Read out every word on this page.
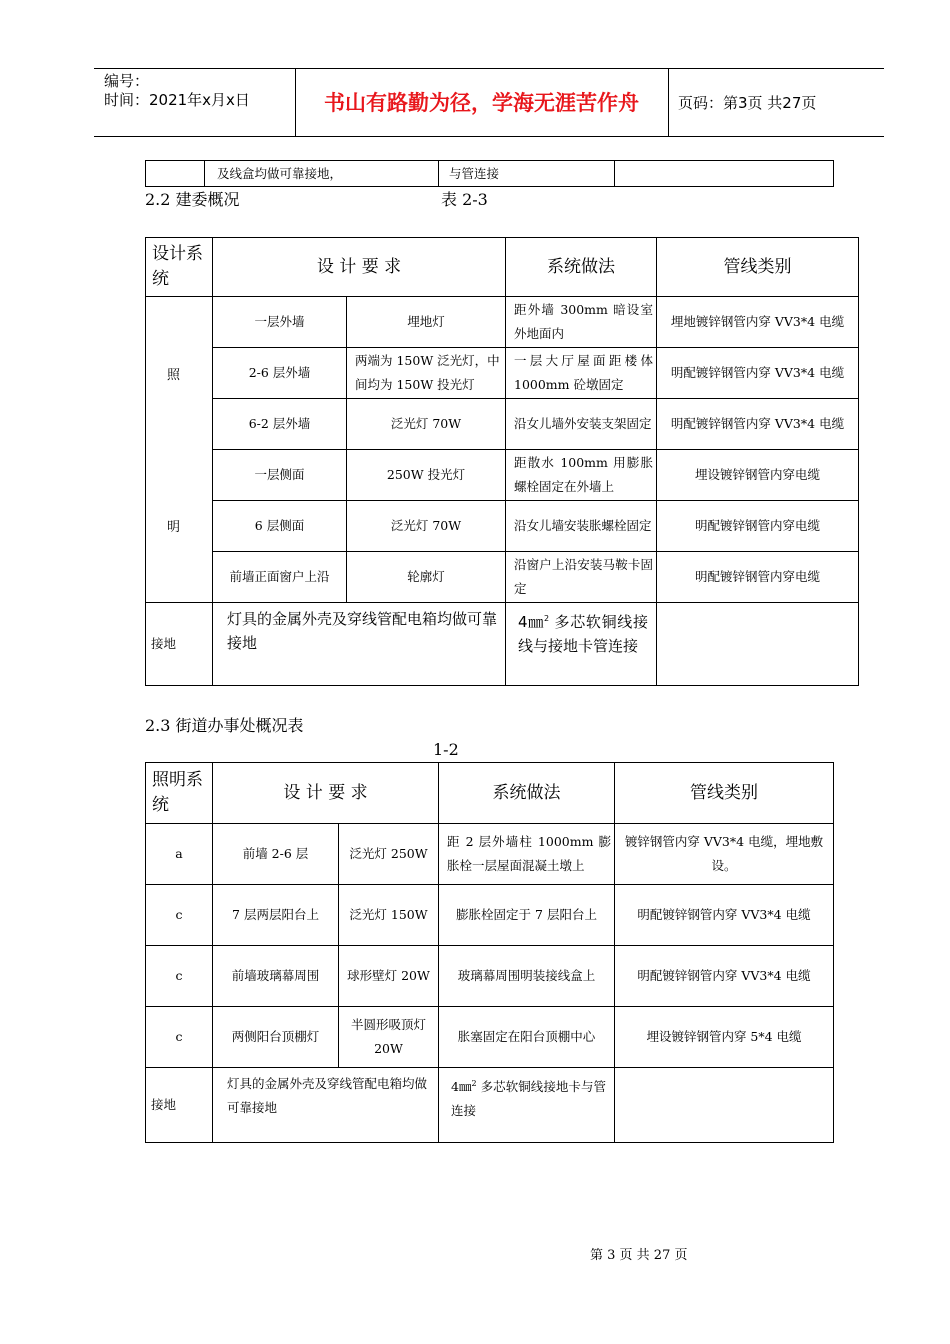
编号：
时间：2021年x月x日	书山有路勤为径，学海无涯苦作舟	页码：第3页 共27页
	及线盒均做可靠接地，	与管连接	
2.2 建委概况	表 2-3
设计系统	设 计 要 求		系统做法	管线类别

照
明	一层外墙	埋地灯	距外墙 300mm 暗设室外地面内	埋地镀锌钢管内穿 VV3*4 电缆
	2-6 层外墙	两端为 150W 泛光灯，中间均为 150W 投光灯	一层大厅屋面距楼体 1000mm 砼墩固定	明配镀锌钢管内穿 VV3*4 电缆
	6-2 层外墙	泛光灯 70W	沿女儿墙外安装支架固定	明配镀锌钢管内穿 VV3*4 电缆
	一层侧面	250W 投光灯	距散水 100mm 用膨胀螺栓固定在外墙上	埋设镀锌钢管内穿电缆
	6 层侧面	泛光灯 70W	沿女儿墙安装胀螺栓固定	明配镀锌钢管内穿电缆
	前墙正面窗户上沿	轮廓灯	沿窗户上沿安装马鞍卡固定	明配镀锌钢管内穿电缆
接地	灯具的金属外壳及穿线管配电箱均做可靠接地		4㎜$^2$ 多芯软铜线接线与接地卡管连接	
2.3 街道办事处概况表
1-2
照明系统	设 计 要 求		系统做法	管线类别
a	前墙 2-6 层	泛光灯 250W	距 2 层外墙柱 1000mm 膨胀栓一层屋面混凝土墩上	镀锌钢管内穿 VV3*4 电缆，埋地敷设。
c	7 层两层阳台上	泛光灯 150W	膨胀栓固定于 7 层阳台上	明配镀锌钢管内穿 VV3*4 电缆
c	前墙玻璃幕周围	球形壁灯 20W	玻璃幕周围明装接线盒上	明配镀锌钢管内穿 VV3*4 电缆
c	两侧阳台顶棚灯	半圆形吸顶灯 20W	胀塞固定在阳台顶棚中心	埋设镀锌钢管内穿 5*4 电缆
接地	灯具的金属外壳及穿线管配电箱均做可靠接地		4㎜$^2$ 多芯软铜线接地卡与管连接	
第 3 页 共 27 页
